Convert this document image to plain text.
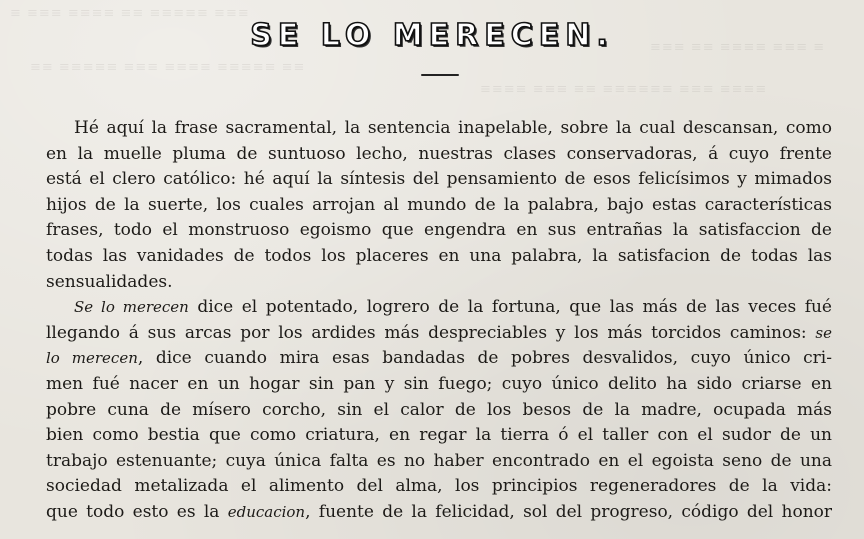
≡ ≡≡≡ ≡≡≡≡ ≡≡ ≡≡≡≡≡ ≡≡≡
≡≡≡ ≡≡ ≡≡≡≡ ≡≡≡ ≡
≡≡ ≡≡≡≡≡ ≡≡≡ ≡≡≡≡ ≡≡≡≡≡ ≡≡
≡≡≡≡ ≡≡≡ ≡≡ ≡≡≡≡≡≡ ≡≡≡ ≡≡≡≡
SE LO MERECEN.
Hé aquí la frase sacramental, la sentencia inapelable, sobre la cual descansan, como
en la muelle pluma de suntuoso lecho, nuestras clases conservadoras, á cuyo frente
está el clero católico: hé aquí la síntesis del pensamiento de esos felicísimos y mimados
hijos de la suerte, los cuales arrojan al mundo de la palabra, bajo estas características
frases, todo el monstruoso egoismo que engendra en sus entrañas la satisfaccion de
todas las vanidades de todos los placeres en una palabra, la satisfacion de todas las
sensualidades.
Se lo merecen dice el potentado, logrero de la fortuna, que las más de las veces fué
llegando á sus arcas por los ardides más despreciables y los más torcidos caminos: se
lo merecen, dice cuando mira esas bandadas de pobres desvalidos, cuyo único cri-
men fué nacer en un hogar sin pan y sin fuego; cuyo único delito ha sido criarse en
pobre cuna de mísero corcho, sin el calor de los besos de la madre, ocupada más
bien como bestia que como criatura, en regar la tierra ó el taller con el sudor de un
trabajo estenuante; cuya única falta es no haber encontrado en el egoista seno de una
sociedad metalizada el alimento del alma, los principios regeneradores de la vida:
que todo esto es la educacion, fuente de la felicidad, sol del progreso, código del honor
